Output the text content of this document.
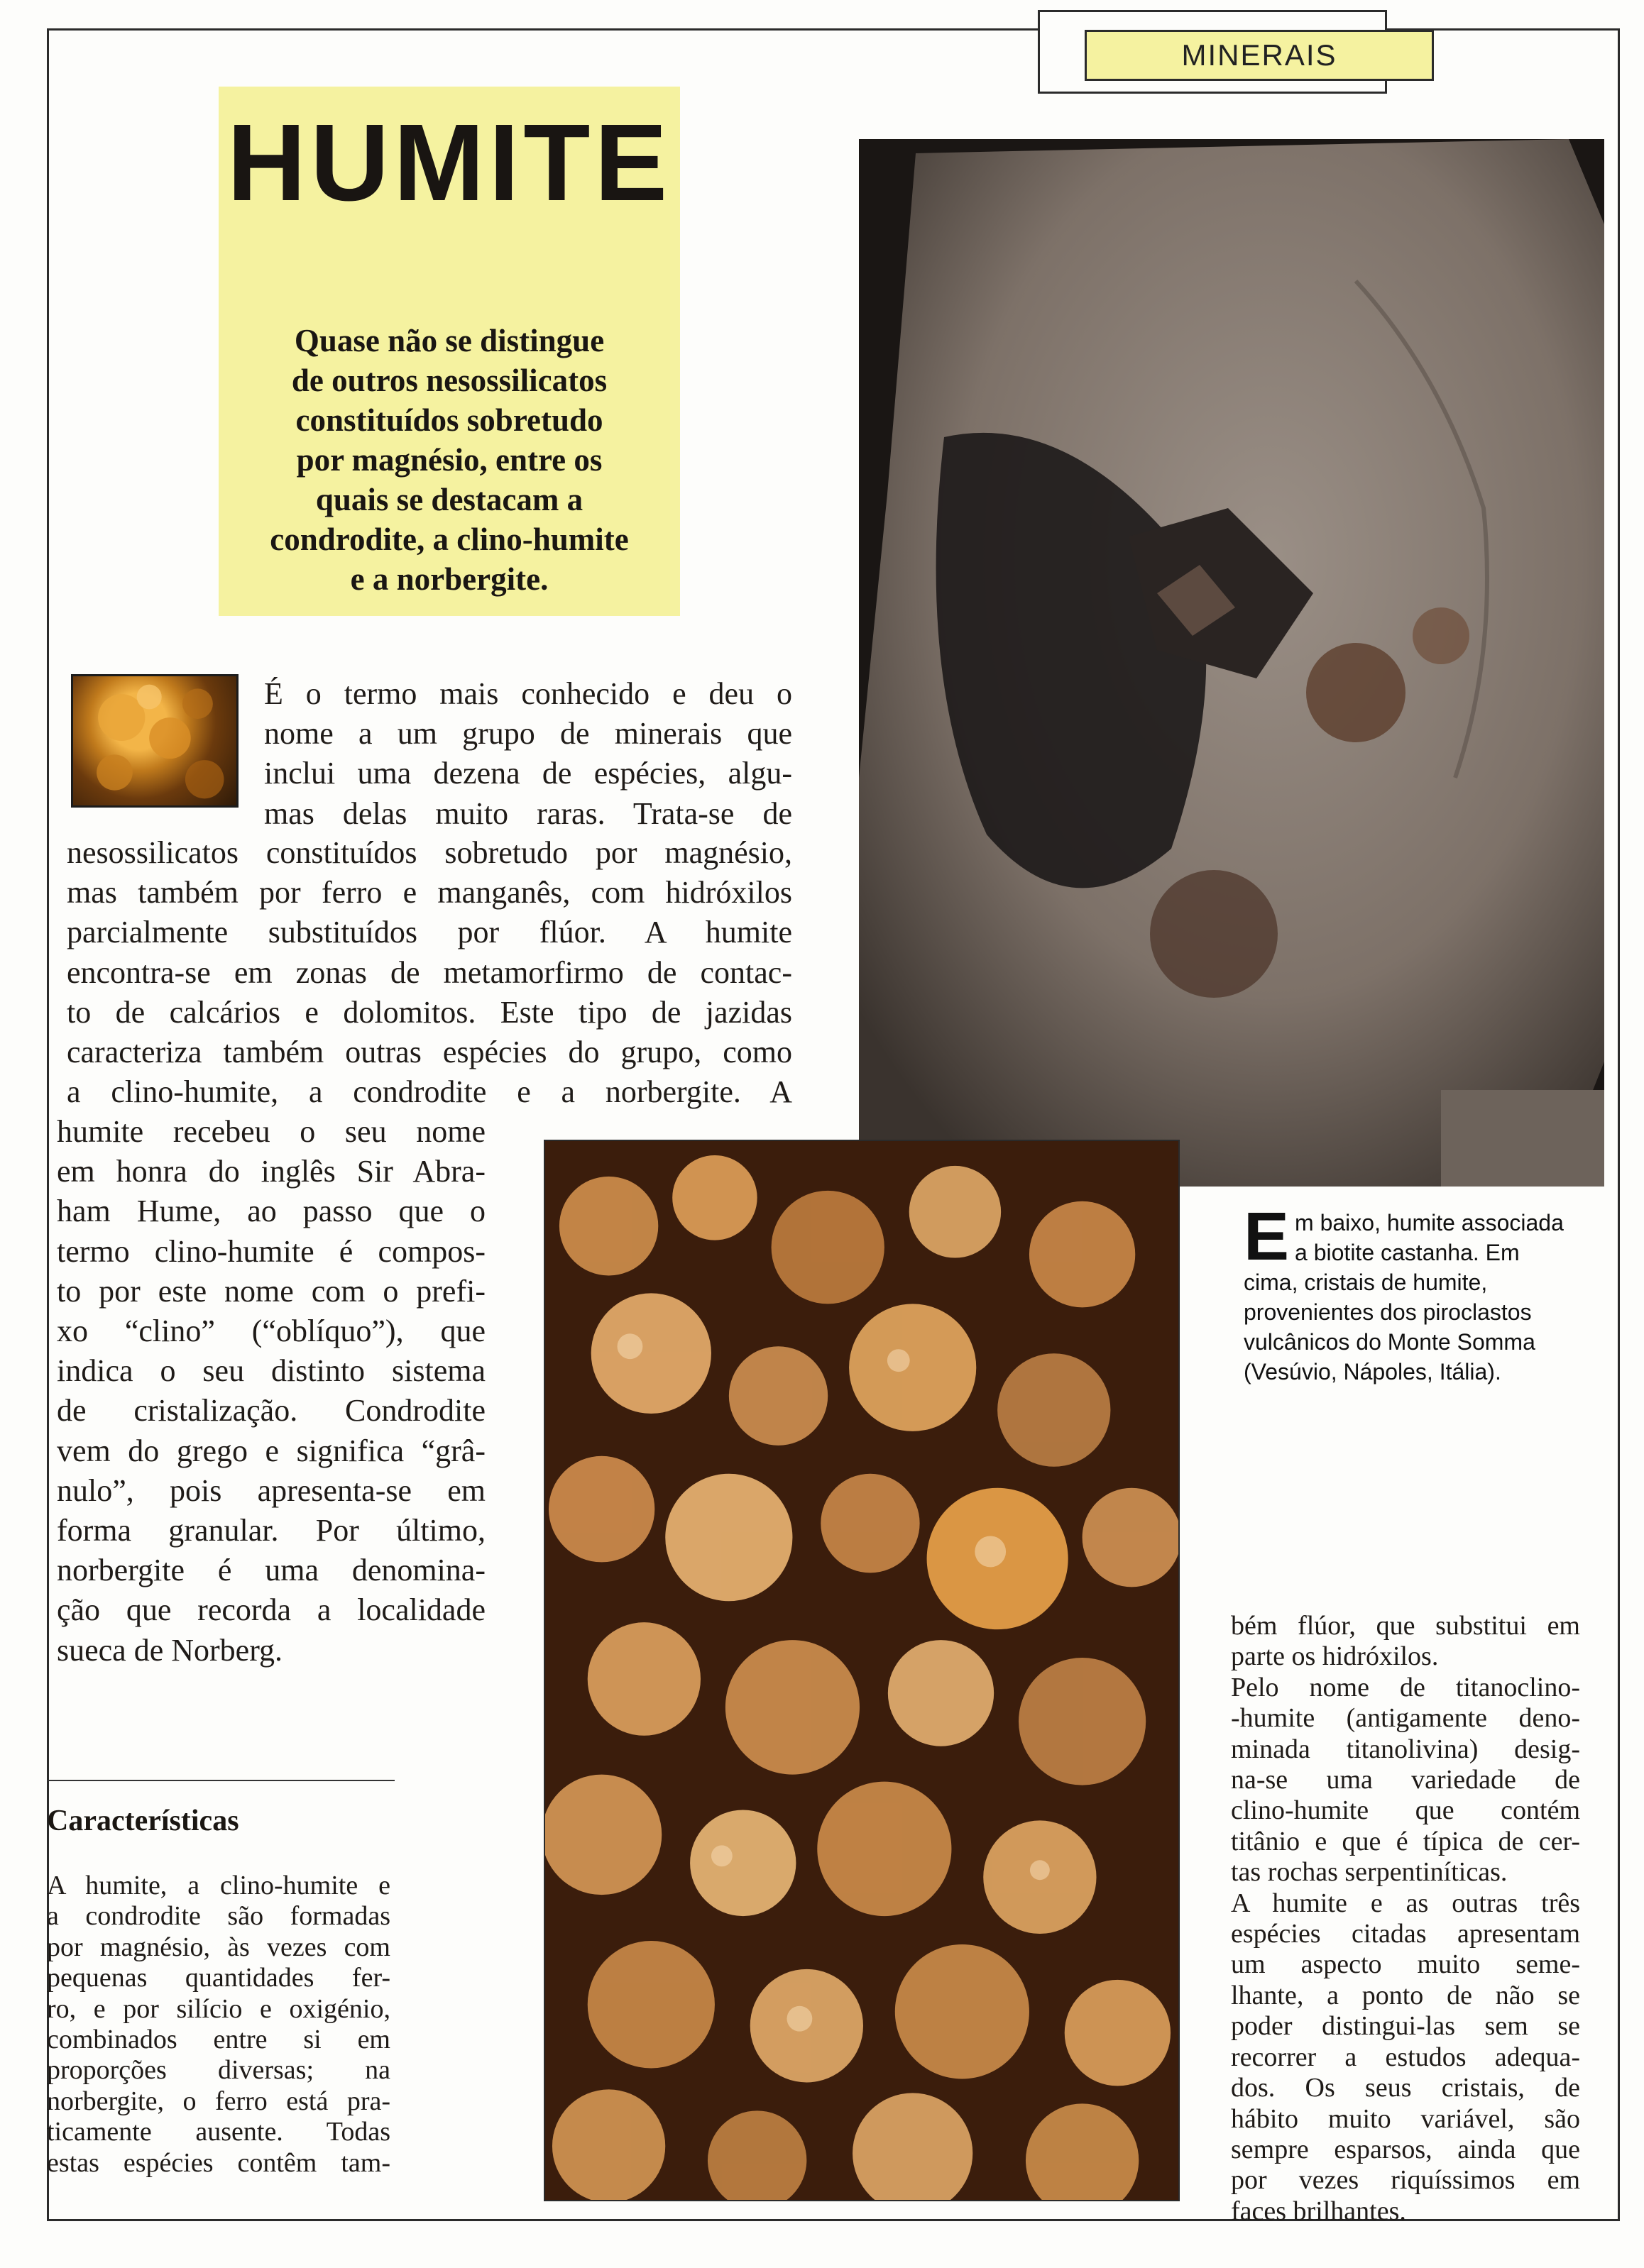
MINERAIS
HUMITE
Quase não se distingue
de outros nesossilicatos
constituídos sobretudo
por magnésio, entre os
quais se destacam a
condrodite, a clino-humite
e a norbergite.
É o termo mais conhecido e deu o
nome a um grupo de minerais que
inclui uma dezena de espécies, algu-
mas delas muito raras. Trata-se de
nesossilicatos constituídos sobretudo por magnésio,
mas também por ferro e manganês, com hidróxilos
parcialmente substituídos por flúor. A humite
encontra-se em zonas de metamorfirmo de contac-
to de calcários e dolomitos. Este tipo de jazidas
caracteriza também outras espécies do grupo, como
a clino-humite, a condrodite e a norbergite. A
humite recebeu o seu nome
em honra do inglês Sir Abra-
ham Hume, ao passo que o
termo clino-humite é compos-
to por este nome com o prefi-
xo “clino” (“oblíquo”), que
indica o seu distinto sistema
de cristalização. Condrodite
vem do grego e significa “grâ-
nulo”, pois apresenta-se em
forma granular. Por último,
norbergite é uma denomina-
ção que recorda a localidade
sueca de Norberg.
E m baixo, humite associada
a biotite castanha. Em
cima, cristais de humite,
provenientes dos piroclastos
vulcânicos do Monte Somma
(Vesúvio, Nápoles, Itália).
Características
A humite, a clino-humite e
a condrodite são formadas
por magnésio, às vezes com
pequenas quantidades fer-
ro, e por silício e oxigénio,
combinados entre si em
proporções diversas; na
norbergite, o ferro está pra-
ticamente ausente. Todas
estas espécies contêm tam-
bém flúor, que substitui em
parte os hidróxilos.
Pelo nome de titanoclino-
-humite (antigamente deno-
minada titanolivina) desig-
na-se uma variedade de
clino-humite que contém
titânio e que é típica de cer-
tas rochas serpentiníticas.
A humite e as outras três
espécies citadas apresentam
um aspecto muito seme-
lhante, a ponto de não se
poder distingui-las sem se
recorrer a estudos adequa-
dos. Os seus cristais, de
hábito muito variável, são
sempre esparsos, ainda que
por vezes riquíssimos em
faces brilhantes.
